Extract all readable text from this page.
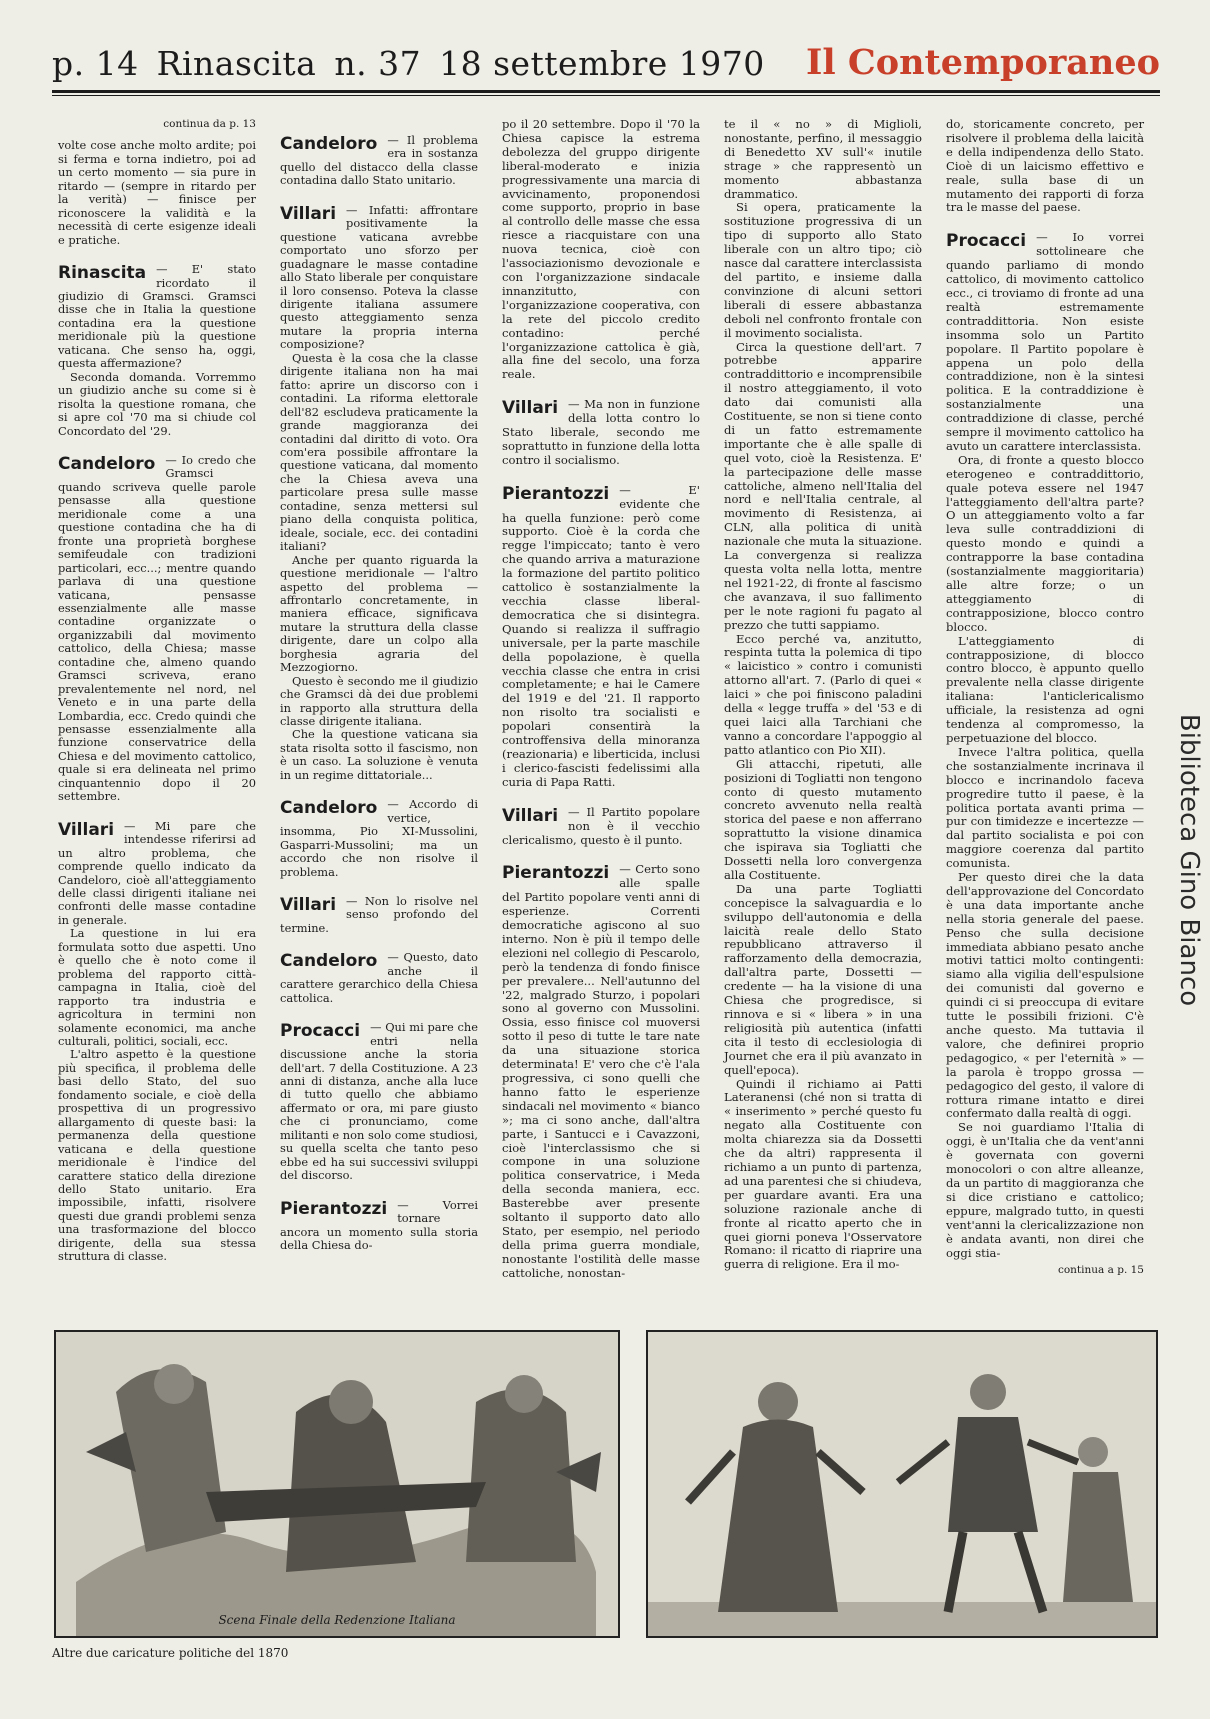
p. 14 Rinascita n. 37 18 settembre 1970	Il Contemporaneo
continua da p. 13

volte cose anche molto ardite; poi si ferma e torna indietro, poi ad un certo momento — sia pure in ritardo — (sempre in ritardo per la verità) — finisce per riconoscere la validità e la necessità di certe esigenze ideali e pratiche.

Rinascita — E' stato ricordato il giudizio di Gramsci. Gramsci disse che in Italia la questione contadina era la questione meridionale più la questione vaticana. Che senso ha, oggi, questa affermazione?

Seconda domanda. Vorremmo un giudizio anche su come si è risolta la questione romana, che si apre col '70 ma si chiude col Concordato del '29.

Candeloro — Io credo che Gramsci quando scriveva quelle parole pensasse alla questione meridionale come a una questione contadina che ha di fronte una proprietà borghese semifeudale con tradizioni particolari, ecc...; mentre quando parlava di una questione vaticana, pensasse essenzialmente alle masse contadine organizzate o organizzabili dal movimento cattolico, della Chiesa; masse contadine che, almeno quando Gramsci scriveva, erano prevalentemente nel nord, nel Veneto e in una parte della Lombardia, ecc. Credo quindi che pensasse essenzialmente alla funzione conservatrice della Chiesa e del movimento cattolico, quale si era delineata nel primo cinquantennio dopo il 20 settembre.

Villari — Mi pare che intendesse riferirsi ad un altro problema, che comprende quello indicato da Candeloro, cioè all'atteggiamento delle classi dirigenti italiane nei confronti delle masse contadine in generale.

La questione in lui era formulata sotto due aspetti. Uno è quello che è noto come il problema del rapporto città-campagna in Italia, cioè del rapporto tra industria e agricoltura in termini non solamente economici, ma anche culturali, politici, sociali, ecc.

L'altro aspetto è la questione più specifica, il problema delle basi dello Stato, del suo fondamento sociale, e cioè della prospettiva di un progressivo allargamento di queste basi: la permanenza della questione vaticana e della questione meridionale è l'indice del carattere statico della direzione dello Stato unitario. Era impossibile, infatti, risolvere questi due grandi problemi senza una trasformazione del blocco dirigente, della sua stessa struttura di classe.

Candeloro — Il problema era in sostanza quello del distacco della classe contadina dallo Stato unitario.

Villari — Infatti: affrontare positivamente la questione vaticana avrebbe comportato uno sforzo per guadagnare le masse contadine allo Stato liberale per conquistare il loro consenso. Poteva la classe dirigente italiana assumere questo atteggiamento senza mutare la propria interna composizione?

Questa è la cosa che la classe dirigente italiana non ha mai fatto: aprire un discorso con i contadini. La riforma elettorale dell'82 escludeva praticamente la grande maggioranza dei contadini dal diritto di voto. Ora com'era possibile affrontare la questione vaticana, dal momento che la Chiesa aveva una particolare presa sulle masse contadine, senza mettersi sul piano della conquista politica, ideale, sociale, ecc. dei contadini italiani?

Anche per quanto riguarda la questione meridionale — l'altro aspetto del problema — affrontarlo concretamente, in maniera efficace, significava mutare la struttura della classe dirigente, dare un colpo alla borghesia agraria del Mezzogiorno.

Questo è secondo me il giudizio che Gramsci dà dei due problemi in rapporto alla struttura della classe dirigente italiana.

Che la questione vaticana sia stata risolta sotto il fascismo, non è un caso. La soluzione è venuta in un regime dittatoriale...

Candeloro — Accordo di vertice, insomma, Pio XI-Mussolini, Gasparri-Mussolini; ma un accordo che non risolve il problema.

Villari — Non lo risolve nel senso profondo del termine.

Candeloro — Questo, dato anche il carattere gerarchico della Chiesa cattolica.

Procacci — Qui mi pare che entri nella discussione anche la storia dell'art. 7 della Costituzione. A 23 anni di distanza, anche alla luce di tutto quello che abbiamo affermato or ora, mi pare giusto che ci pronunciamo, come militanti e non solo come studiosi, su quella scelta che tanto peso ebbe ed ha sui successivi sviluppi del discorso.

Pierantozzi — Vorrei tornare ancora un momento sulla storia della Chiesa do-

po il 20 settembre. Dopo il '70 la Chiesa capisce la estrema debolezza del gruppo dirigente liberal-moderato e inizia progressivamente una marcia di avvicinamento, proponendosi come supporto, proprio in base al controllo delle masse che essa riesce a riacquistare con una nuova tecnica, cioè con l'associazionismo devozionale e con l'organizzazione sindacale innanzitutto, con l'organizzazione cooperativa, con la rete del piccolo credito contadino: perché l'organizzazione cattolica è già, alla fine del secolo, una forza reale.

Villari — Ma non in funzione della lotta contro lo Stato liberale, secondo me soprattutto in funzione della lotta contro il socialismo.

Pierantozzi — E' evidente che ha quella funzione: però come supporto. Cioè è la corda che regge l'impiccato; tanto è vero che quando arriva a maturazione la formazione del partito politico cattolico è sostanzialmente la vecchia classe liberal-democratica che si disintegra. Quando si realizza il suffragio universale, per la parte maschile della popolazione, è quella vecchia classe che entra in crisi completamente; e hai le Camere del 1919 e del '21. Il rapporto non risolto tra socialisti e popolari consentirà la controffensiva della minoranza (reazionaria) e liberticida, inclusi i clerico-fascisti fedelissimi alla curia di Papa Ratti.

Villari — Il Partito popolare non è il vecchio clericalismo, questo è il punto.

Pierantozzi — Certo sono alle spalle del Partito popolare venti anni di esperienze. Correnti democratiche agiscono al suo interno. Non è più il tempo delle elezioni nel collegio di Pescarolo, però la tendenza di fondo finisce per prevalere... Nell'autunno del '22, malgrado Sturzo, i popolari sono al governo con Mussolini. Ossia, esso finisce col muoversi sotto il peso di tutte le tare nate da una situazione storica determinata! E' vero che c'è l'ala progressiva, ci sono quelli che hanno fatto le esperienze sindacali nel movimento « bianco »; ma ci sono anche, dall'altra parte, i Santucci e i Cavazzoni, cioè l'interclassismo che si compone in una soluzione politica conservatrice, i Meda della seconda maniera, ecc. Basterebbe aver presente soltanto il supporto dato allo Stato, per esempio, nel periodo della prima guerra mondiale, nonostante l'ostilità delle masse cattoliche, nonostan-

te il « no » di Miglioli, nonostante, perfino, il messaggio di Benedetto XV sull'« inutile strage » che rappresentò un momento abbastanza drammatico.

Si opera, praticamente la sostituzione progressiva di un tipo di supporto allo Stato liberale con un altro tipo; ciò nasce dal carattere interclassista del partito, e insieme dalla convinzione di alcuni settori liberali di essere abbastanza deboli nel confronto frontale con il movimento socialista.

Circa la questione dell'art. 7 potrebbe apparire contraddittorio e incomprensibile il nostro atteggiamento, il voto dato dai comunisti alla Costituente, se non si tiene conto di un fatto estremamente importante che è alle spalle di quel voto, cioè la Resistenza. E' la partecipazione delle masse cattoliche, almeno nell'Italia del nord e nell'Italia centrale, al movimento di Resistenza, ai CLN, alla politica di unità nazionale che muta la situazione. La convergenza si realizza questa volta nella lotta, mentre nel 1921-22, di fronte al fascismo che avanzava, il suo fallimento per le note ragioni fu pagato al prezzo che tutti sappiamo.

Ecco perché va, anzitutto, respinta tutta la polemica di tipo « laicistico » contro i comunisti attorno all'art. 7. (Parlo di quei « laici » che poi finiscono paladini della « legge truffa » del '53 e di quei laici alla Tarchiani che vanno a concordare l'appoggio al patto atlantico con Pio XII).

Gli attacchi, ripetuti, alle posizioni di Togliatti non tengono conto di questo mutamento concreto avvenuto nella realtà storica del paese e non afferrano soprattutto la visione dinamica che ispirava sia Togliatti che Dossetti nella loro convergenza alla Costituente.

Da una parte Togliatti concepisce la salvaguardia e lo sviluppo dell'autonomia e della laicità reale dello Stato repubblicano attraverso il rafforzamento della democrazia, dall'altra parte, Dossetti — credente — ha la visione di una Chiesa che progredisce, si rinnova e si « libera » in una religiosità più autentica (infatti cita il testo di ecclesiologia di Journet che era il più avanzato in quell'epoca).

Quindi il richiamo ai Patti Lateranensi (ché non si tratta di « inserimento » perché questo fu negato alla Costituente con molta chiarezza sia da Dossetti che da altri) rappresenta il richiamo a un punto di partenza, ad una parentesi che si chiudeva, per guardare avanti. Era una soluzione razionale anche di fronte al ricatto aperto che in quei giorni poneva l'Osservatore Romano: il ricatto di riaprire una guerra di religione. Era il mo-

do, storicamente concreto, per risolvere il problema della laicità e della indipendenza dello Stato. Cioè di un laicismo effettivo e reale, sulla base di un mutamento dei rapporti di forza tra le masse del paese.

Procacci — Io vorrei sottolineare che quando parliamo di mondo cattolico, di movimento cattolico ecc., ci troviamo di fronte ad una realtà estremamente contraddittoria. Non esiste insomma solo un Partito popolare. Il Partito popolare è appena un polo della contraddizione, non è la sintesi politica. E la contraddizione è sostanzialmente una contraddizione di classe, perché sempre il movimento cattolico ha avuto un carattere interclassista.

Ora, di fronte a questo blocco eterogeneo e contraddittorio, quale poteva essere nel 1947 l'atteggiamento dell'altra parte? O un atteggiamento volto a far leva sulle contraddizioni di questo mondo e quindi a contrapporre la base contadina (sostanzialmente maggioritaria) alle altre forze; o un atteggiamento di contrapposizione, blocco contro blocco.

L'atteggiamento di contrapposizione, di blocco contro blocco, è appunto quello prevalente nella classe dirigente italiana: l'anticlericalismo ufficiale, la resistenza ad ogni tendenza al compromesso, la perpetuazione del blocco.

Invece l'altra politica, quella che sostanzialmente incrinava il blocco e incrinandolo faceva progredire tutto il paese, è la politica portata avanti prima — pur con timidezze e incertezze — dal partito socialista e poi con maggiore coerenza dal partito comunista.

Per questo direi che la data dell'approvazione del Concordato è una data importante anche nella storia generale del paese. Penso che sulla decisione immediata abbiano pesato anche motivi tattici molto contingenti: siamo alla vigilia dell'espulsione dei comunisti dal governo e quindi ci si preoccupa di evitare tutte le possibili frizioni. C'è anche questo. Ma tuttavia il valore, che definirei proprio pedagogico, « per l'eternità » — la parola è troppo grossa — pedagogico del gesto, il valore di rottura rimane intatto e direi confermato dalla realtà di oggi.

Se noi guardiamo l'Italia di oggi, è un'Italia che da vent'anni è governata con governi monocolori o con altre alleanze, da un partito di maggioranza che si dice cristiano e cattolico; eppure, malgrado tutto, in questi vent'anni la clericalizzazione non è andata avanti, non direi che oggi stia-

continua a p. 15
Biblioteca Gino Bianco
Scena Finale della Redenzione Italiana
Altre due caricature politiche del 1870
